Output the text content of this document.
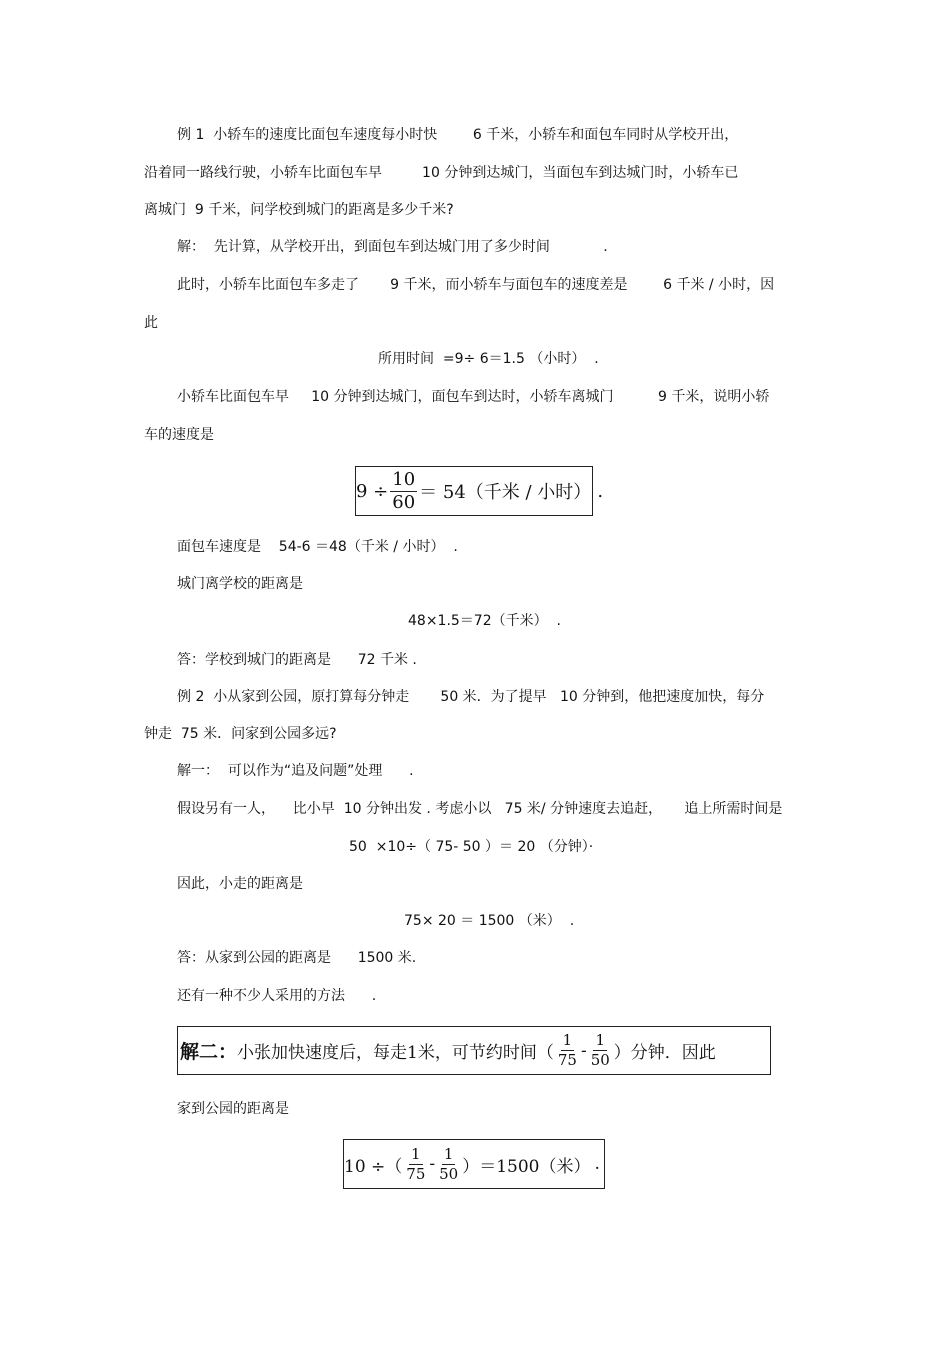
例 1  小轿车的速度比面包车速度每小时快        6 千米，小轿车和面包车同时从学校开出，
沿着同一路线行驶，小轿车比面包车早         10 分钟到达城门，当面包车到达城门时，小轿车已
离城门  9 千米，问学校到城门的距离是多少千米?
解：  先计算，从学校开出，到面包车到达城门用了多少时间            .
此时，小轿车比面包车多走了       9 千米，而小轿车与面包车的速度差是        6 千米 / 小时，因
此
所用时间  =9÷ 6＝1.5 （小时）  .
小轿车比面包车早     10 分钟到达城门，面包车到达时，小轿车离城门          9 千米，说明小轿
车的速度是
$9 \div \frac{10}{60} = 54$（千米 / 小时） .
面包车速度是    54-6 ＝48（千米 / 小时）  .
城门离学校的距离是
48×1.5＝72（千米）  .
答：学校到城门的距离是      72 千米 .
例 2  小从家到公园，原打算每分钟走       50 米．为了提早   10 分钟到，他把速度加快，每分
钟走  75 米．问家到公园多远?
解一：  可以作为“追及问题”处理      .
假设另有一人，    比小早  10 分钟出发 . 考虑小以   75 米/ 分钟速度去追赶，     追上所需时间是
50  ×10÷（ 75- 50 ）＝ 20 （分钟）·
因此，小走的距离是
75× 20 ＝ 1500 （米）  .
答：从家到公园的距离是      1500 米.
还有一种不少人采用的方法      .
解二： 小张加快速度后，每走1米，可节约时间（ $\frac{1}{75} - \frac{1}{50}$ ）分钟．因此
家到公园的距离是
10 ÷（ $\frac{1}{75} - \frac{1}{50} )=1500$（米） .
